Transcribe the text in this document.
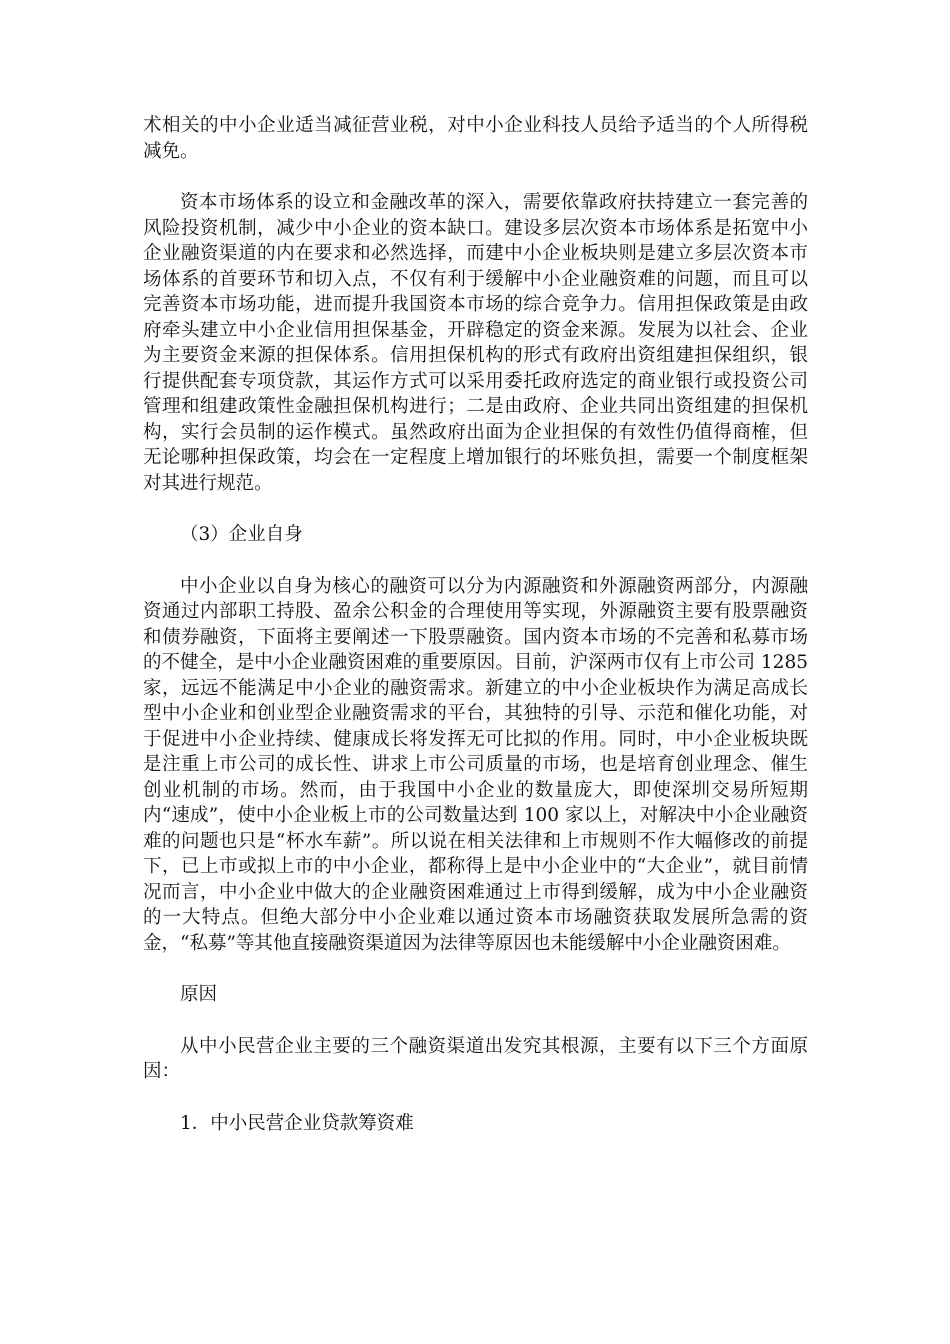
术相关的中小企业适当减征营业税，对中小企业科技人员给予适当的个人所得税减免。

资本市场体系的设立和金融改革的深入，需要依靠政府扶持建立一套完善的风险投资机制，减少中小企业的资本缺口。建设多层次资本市场体系是拓宽中小企业融资渠道的内在要求和必然选择，而建中小企业板块则是建立多层次资本市场体系的首要环节和切入点，不仅有利于缓解中小企业融资难的问题，而且可以完善资本市场功能，进而提升我国资本市场的综合竞争力。信用担保政策是由政府牵头建立中小企业信用担保基金，开辟稳定的资金来源。发展为以社会、企业为主要资金来源的担保体系。信用担保机构的形式有政府出资组建担保组织，银行提供配套专项贷款，其运作方式可以采用委托政府选定的商业银行或投资公司管理和组建政策性金融担保机构进行；二是由政府、企业共同出资组建的担保机构，实行会员制的运作模式。虽然政府出面为企业担保的有效性仍值得商榷，但无论哪种担保政策，均会在一定程度上增加银行的坏账负担，需要一个制度框架对其进行规范。

（3）企业自身

中小企业以自身为核心的融资可以分为内源融资和外源融资两部分，内源融资通过内部职工持股、盈余公积金的合理使用等实现，外源融资主要有股票融资和债券融资，下面将主要阐述一下股票融资。国内资本市场的不完善和私募市场的不健全，是中小企业融资困难的重要原因。目前，沪深两市仅有上市公司 1285 家，远远不能满足中小企业的融资需求。新建立的中小企业板块作为满足高成长型中小企业和创业型企业融资需求的平台，其独特的引导、示范和催化功能，对于促进中小企业持续、健康成长将发挥无可比拟的作用。同时，中小企业板块既是注重上市公司的成长性、讲求上市公司质量的市场，也是培育创业理念、催生创业机制的市场。然而，由于我国中小企业的数量庞大，即使深圳交易所短期内“速成”，使中小企业板上市的公司数量达到 100 家以上，对解决中小企业融资难的问题也只是“杯水车薪”。所以说在相关法律和上市规则不作大幅修改的前提下，已上市或拟上市的中小企业，都称得上是中小企业中的“大企业”，就目前情况而言，中小企业中做大的企业融资困难通过上市得到缓解，成为中小企业融资的一大特点。但绝大部分中小企业难以通过资本市场融资获取发展所急需的资金，“私募”等其他直接融资渠道因为法律等原因也未能缓解中小企业融资困难。

原因

从中小民营企业主要的三个融资渠道出发究其根源，主要有以下三个方面原因：

1．中小民营企业贷款筹资难
